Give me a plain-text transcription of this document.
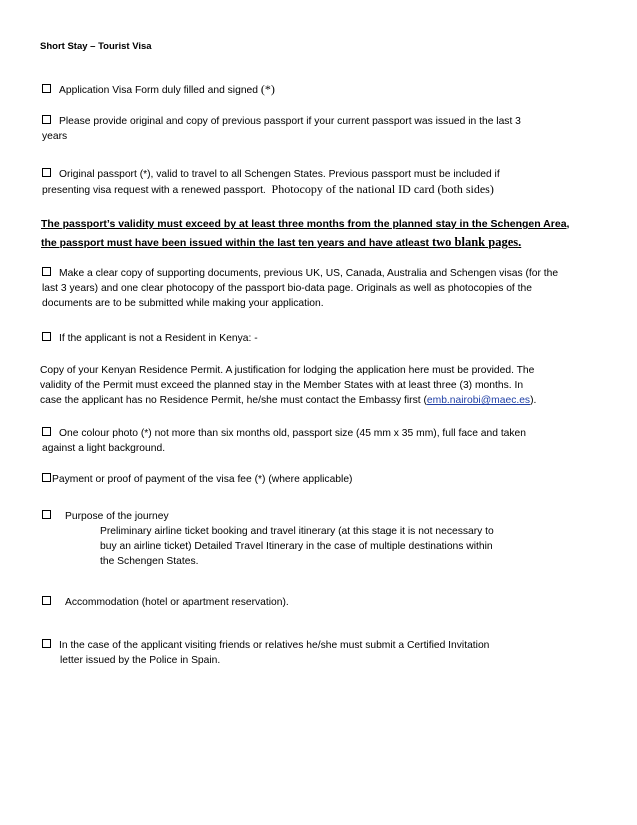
Short Stay – Tourist Visa
Application Visa Form duly filled and signed (*)
Please provide original and copy of previous passport if your current passport was issued in the last 3
years
Original passport (*), valid to travel to all Schengen States. Previous passport must be included if
presenting visa request with a renewed passport. Photocopy of the national ID card (both sides)
The passport’s validity must exceed by at least three months from the planned stay in the Schengen Area,
the passport must have been issued within the last ten years and have atleast two blank pages.
Make a clear copy of supporting documents, previous UK, US, Canada, Australia and Schengen visas (for the
last 3 years) and one clear photocopy of the passport bio-data page. Originals as well as photocopies of the
documents are to be submitted while making your application.
If the applicant is not a Resident in Kenya: -
Copy of your Kenyan Residence Permit. A justification for lodging the application here must be provided. The
validity of the Permit must exceed the planned stay in the Member States with at least three (3) months. In
case the applicant has no Residence Permit, he/she must contact the Embassy first (emb.nairobi@maec.es).
One colour photo (*) not more than six months old, passport size (45 mm x 35 mm), full face and taken
against a light background.
Payment or proof of payment of the visa fee (*) (where applicable)
Purpose of the journey
Preliminary airline ticket booking and travel itinerary (at this stage it is not necessary to
buy an airline ticket) Detailed Travel Itinerary in the case of multiple destinations within
the Schengen States.
Accommodation (hotel or apartment reservation).
In the case of the applicant visiting friends or relatives he/she must submit a Certified Invitation
letter issued by the Police in Spain.
